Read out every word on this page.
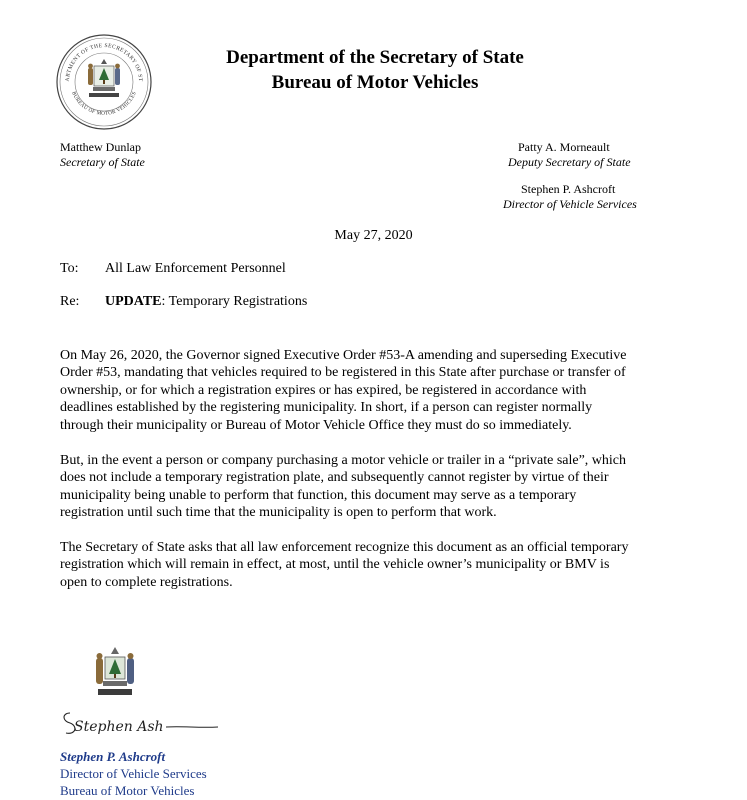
ARTMENT OF THE SECRETARY OF ST
BUREAU OF MOTOR VEHICLES
Department of the Secretary of State
Bureau of Motor Vehicles
Matthew Dunlap
Secretary of State
Patty A. Morneault
Deputy Secretary of State
Stephen P. Ashcroft
Director of Vehicle Services
May 27, 2020
To: All Law Enforcement Personnel
Re: UPDATE: Temporary Registrations

On May 26, 2020, the Governor signed Executive Order #53-A amending and superseding Executive
Order #53, mandating that vehicles required to be registered in this State after purchase or transfer of
ownership, or for which a registration expires or has expired, be registered in accordance with
deadlines established by the registering municipality. In short, if a person can register normally
through their municipality or Bureau of Motor Vehicle Office they must do so immediately.

But, in the event a person or company purchasing a motor vehicle or trailer in a “private sale”, which
does not include a temporary registration plate, and subsequently cannot register by virtue of their
municipality being unable to perform that function, this document may serve as a temporary
registration until such time that the municipality is open to perform that work.

The Secretary of State asks that all law enforcement recognize this document as an official temporary
registration which will remain in effect, at most, until the vehicle owner’s municipality or BMV is
open to complete registrations.

Stephen Ash
Stephen P. Ashcroft
Director of Vehicle Services
Bureau of Motor Vehicles
